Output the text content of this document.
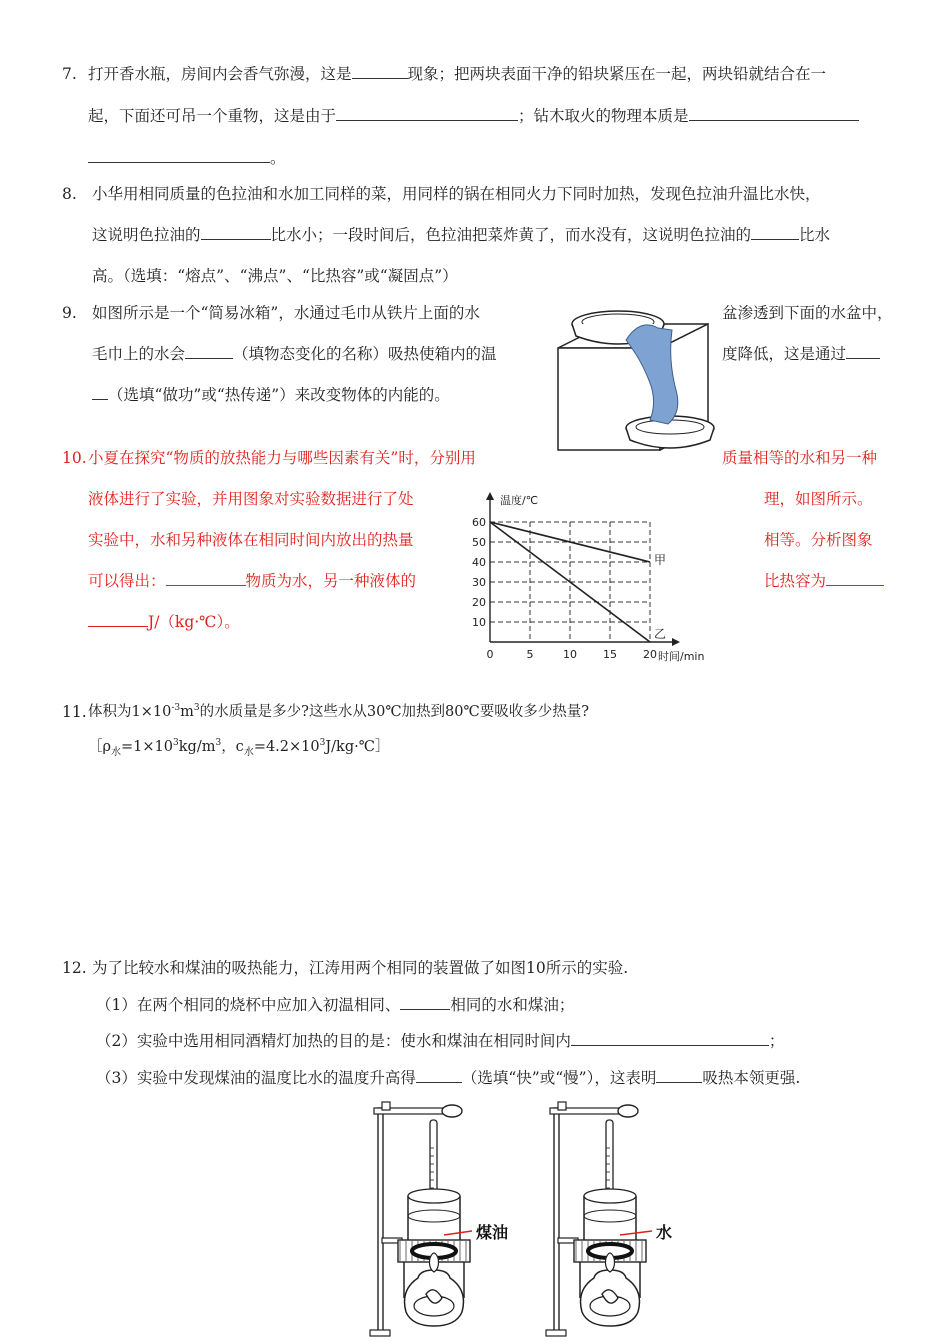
7. 打开香水瓶，房间内会香气弥漫，这是	现象；把两块表面干净的铅块紧压在一起，两块铅就结合在一
起，下面还可吊一个重物，这是由于	；钻木取火的物理本质是
。
8. 小华用相同质量的色拉油和水加工同样的菜，用同样的锅在相同火力下同时加热，发现色拉油升温比水快，
这说明色拉油的	比水小；一段时间后，色拉油把菜炸黄了，而水没有，这说明色拉油的	比水
高。（选填：“熔点”、“沸点”、“比热容”或“凝固点”）
9. 如图所示是一个“简易冰箱”，水通过毛巾从铁片上面的水	盆渗透到下面的水盆中，
毛巾上的水会	（填物态变化的名称）吸热使箱内的温	度降低，这是通过
（选填“做功”或“热传递”）来改变物体的内能的。
10. 小夏在探究“物质的放热能力与哪些因素有关”时，分别用	质量相等的水和另一种
液体进行了实验，并用图象对实验数据进行了处	理，如图所示。
实验中，水和另种液体在相同时间内放出的热量	相等。分析图象
可以得出：	物质为水，另一种液体的	比热容为
J/（kg·℃）。	10
20
30
40
50
60
0	5	10 15 20
温度/℃
时间/min
甲
乙
11. 体积为$1\times 10^{-3}m^3$的水质量是多少?这些水从30℃加热到80℃要吸收多少热量?
$[\rho_水=1\times 10^3kg/m^3$，$c_水=4.2\times 10^3J/kg\cdot℃]$
12. 为了比较水和煤油的吸热能力，江涛用两个相同的装置做了如图10所示的实验.
（1）在两个相同的烧杯中应加入初温相同、	相同的水和煤油；
（2）实验中选用相同酒精灯加热的目的是：使水和煤油在相同时间内	；
（3）实验中发现煤油的温度比水的温度升高得	（选填“快”或“慢”），这表明	吸热本领更强.
煤油	水
